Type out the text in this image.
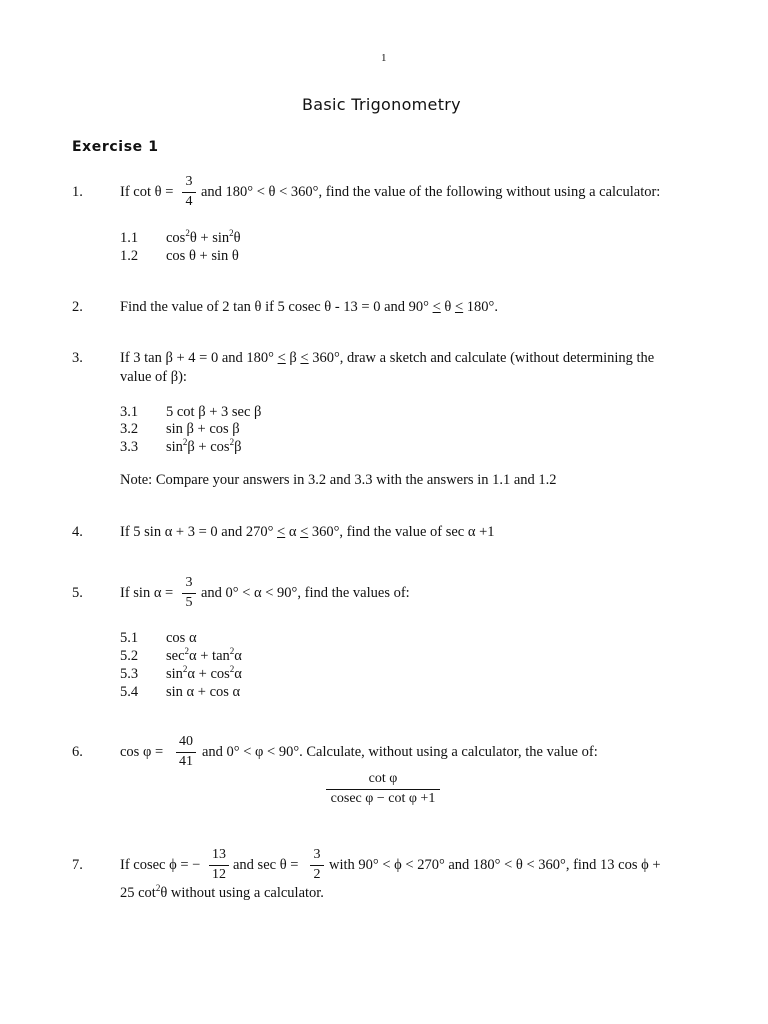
1
Basic Trigonometry
Exercise 1
1.	If cot θ =
3
4
and 180° < θ < 360°, find the value of the following without using a calculator:
1.1 $\cos^2\theta + \sin^2\theta$
1.2 cos θ + sin θ
2.	Find the value of 2 tan θ if 5 cosec θ - 13 = 0 and 90° < θ < 180°.
3.	If 3 tan β + 4 = 0 and 180° < β < 360°, draw a sketch and calculate (without determining the
value of β):
3.1 5 cot β + 3 sec β
3.2 sin β + cos β
3.3 $\sin^2\beta + \cos^2\beta$
Note: Compare your answers in 3.2 and 3.3 with the answers in 1.1 and 1.2
4.	If 5 sin α + 3 = 0 and 270° < α < 360°, find the value of sec α +1
5.	If sin α =
3
5
and 0° < α < 90°, find the values of:
5.1 cos α
5.2 $\sec^2\alpha + \tan^2\alpha$
5.3 $\sin^2\alpha + \cos^2\alpha$
5.4 sin α + cos α
6.	cos φ =
40
41
and 0° < φ < 90°. Calculate, without using a calculator, the value of:
cot φ
cosec φ − cot φ +1
7.	If cosec ϕ = −
13
12
and sec θ =
3
2
with 90° < ϕ < 270° and 180° < θ < 360°, find 13 cos ϕ +
25 $\cot^2\theta$ without using a calculator.
